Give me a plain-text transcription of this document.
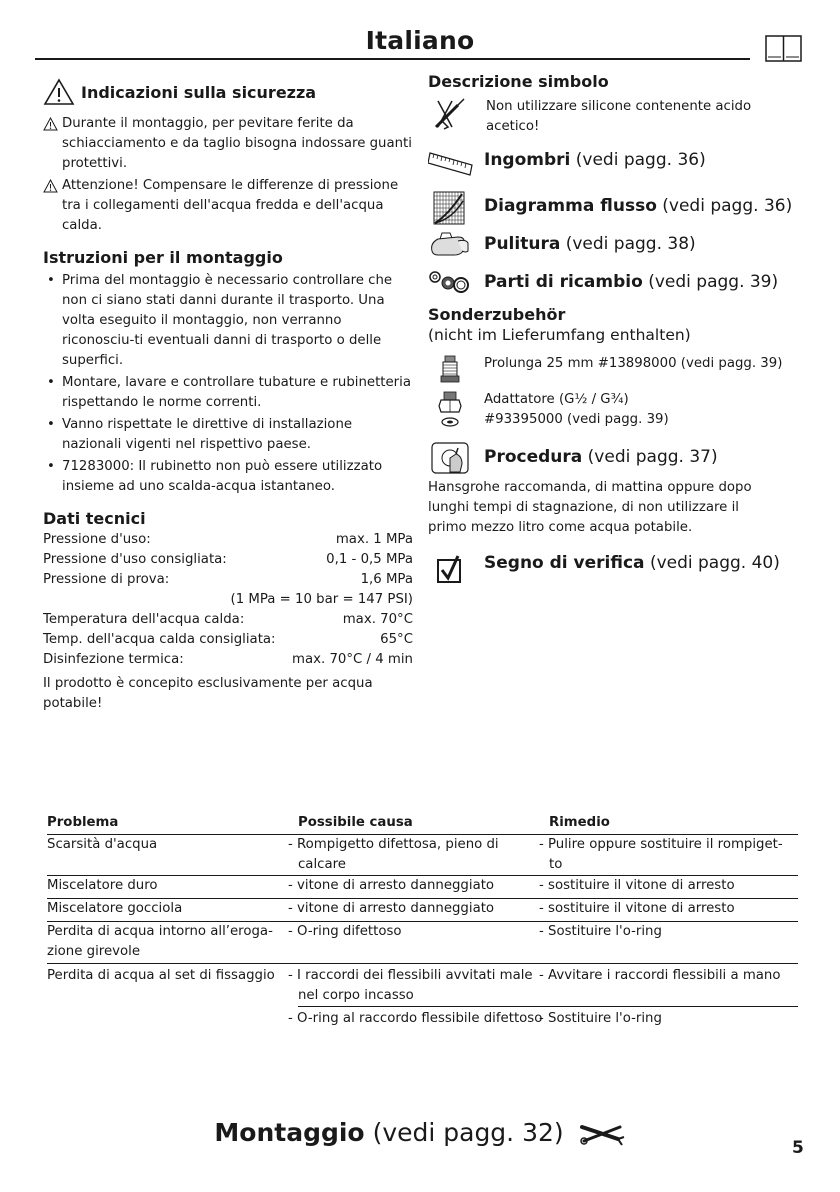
Italiano
Indicazioni sulla sicurezza
Durante il montaggio, per pevitare ferite da schiacciamento e da taglio bisogna indossare guanti protettivi.
Attenzione! Compensare le differenze di pressione tra i collegamenti dell'acqua fredda e dell'acqua calda.
Istruzioni per il montaggio
• Prima del montaggio è necessario controllare che non ci siano stati danni durante il trasporto. Una volta eseguito il montaggio, non verranno riconosciu-ti eventuali danni di trasporto o delle superfici.
• Montare, lavare e controllare tubature e rubinetteria rispettando le norme correnti.
• Vanno rispettate le direttive di installazione nazionali vigenti nel rispettivo paese.
• 71283000: Il rubinetto non può essere utilizzato insieme ad uno scalda-acqua istantaneo.
Dati tecnici
Pressione d'uso:	max. 1 MPa
Pressione d'uso consigliata:	0,1 - 0,5 MPa
Pressione di prova:	1,6 MPa
(1 MPa = 10 bar = 147 PSI)
Temperatura dell'acqua calda:	max. 70°C
Temp. dell'acqua calda consigliata:	65°C
Disinfezione termica:	max. 70°C / 4 min
Il prodotto è concepito esclusivamente per acqua potabile!
Descrizione simbolo
Non utilizzare silicone contenente acido acetico!
Ingombri (vedi pagg. 36)
Diagramma flusso (vedi pagg. 36)
Pulitura (vedi pagg. 38)
Parti di ricambio (vedi pagg. 39)
Sonderzubehör
(nicht im Lieferumfang enthalten)
Prolunga 25 mm #13898000 (vedi pagg. 39)
Adattatore (G½ / G¾)
#93395000 (vedi pagg. 39)
Procedura (vedi pagg. 37)
Hansgrohe raccomanda, di mattina oppure dopo lunghi tempi di stagnazione, di non utilizzare il primo mezzo litro come acqua potabile.
Segno di verifica (vedi pagg. 40)
Problema	Possibile causa	Rimedio
Scarsità d'acqua	- Rompigetto difettosa, pieno di calcare	- Pulire oppure sostituire il rompiget-to
Miscelatore duro	- vitone di arresto danneggiato	- sostituire il vitone di arresto
Miscelatore gocciola	- vitone di arresto danneggiato	- sostituire il vitone di arresto
Perdita di acqua intorno all’eroga-zione girevole	- O-ring difettoso	- Sostituire l'o-ring
Perdita di acqua al set di fissaggio	- I raccordi dei flessibili avvitati male nel corpo incasso	- Avvitare i raccordi flessibili a mano
	- O-ring al raccordo flessibile difettoso	- Sostituire l'o-ring
Montaggio (vedi pagg. 32)
5
